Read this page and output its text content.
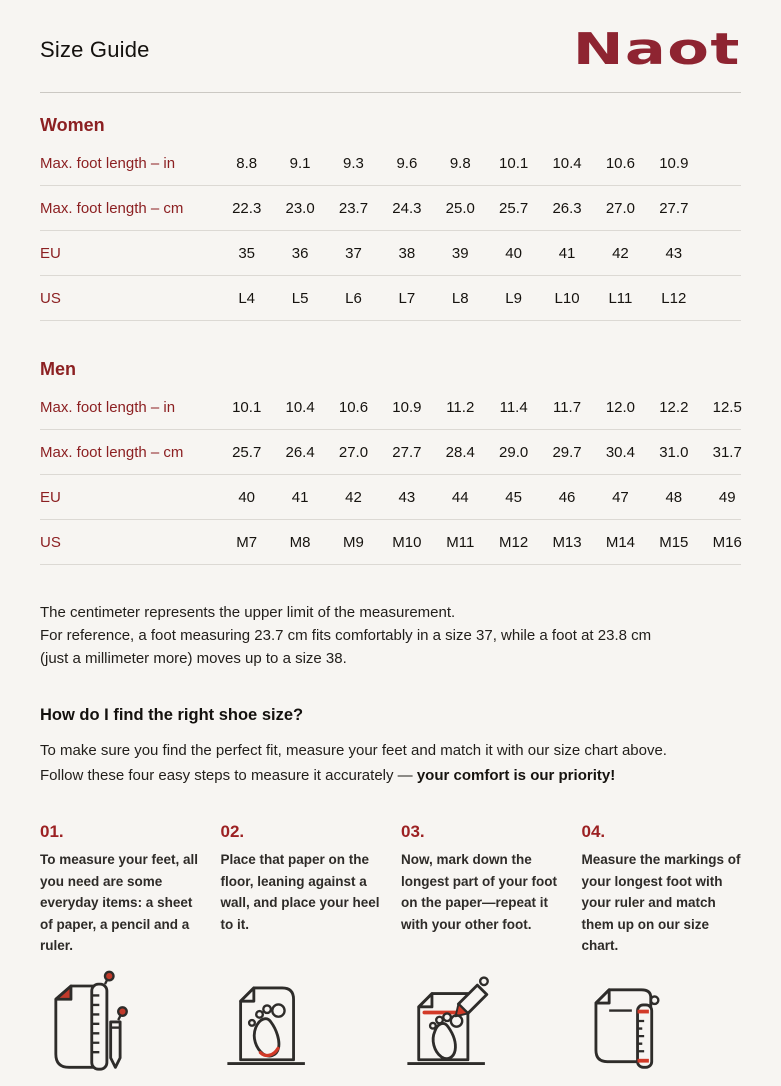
Size Guide	Naot
Women
Max. foot length – in	8.8	9.1	9.3	9.6	9.8	10.1	10.4	10.6	10.9
Max. foot length – cm	22.3	23.0	23.7	24.3	25.0	25.7	26.3	27.0	27.7
EU	35	36	37	38	39	40	41	42	43
US	L4	L5	L6	L7	L8	L9	L10	L11	L12
Men
Max. foot length – in	10.1	10.4	10.6	10.9	11.2	11.4	11.7	12.0	12.2	12.5
Max. foot length – cm	25.7	26.4	27.0	27.7	28.4	29.0	29.7	30.4	31.0	31.7
EU	40	41	42	43	44	45	46	47	48	49
US	M7	M8	M9	M10	M11	M12	M13	M14	M15	M16

The centimeter represents the upper limit of the measurement.

For reference, a foot measuring 23.7 cm fits comfortably in a size 37, while a foot at 23.8 cm

(just a millimeter more) moves up to a size 38.

How do I find the right shoe size?

To make sure you find the perfect fit, measure your feet and match it with our size chart above. Follow these four easy steps to measure it accurately — your comfort is our priority!

01.

To measure your feet, all you need are some everyday items: a sheet of paper, a pencil and a ruler.

02.

Place that paper on the floor, leaning against a wall, and place your heel to it.

03.

Now, mark down the longest part of your foot on the paper—repeat it with your other foot.

04.

Measure the markings of your longest foot with your ruler and match them up on our size chart.
